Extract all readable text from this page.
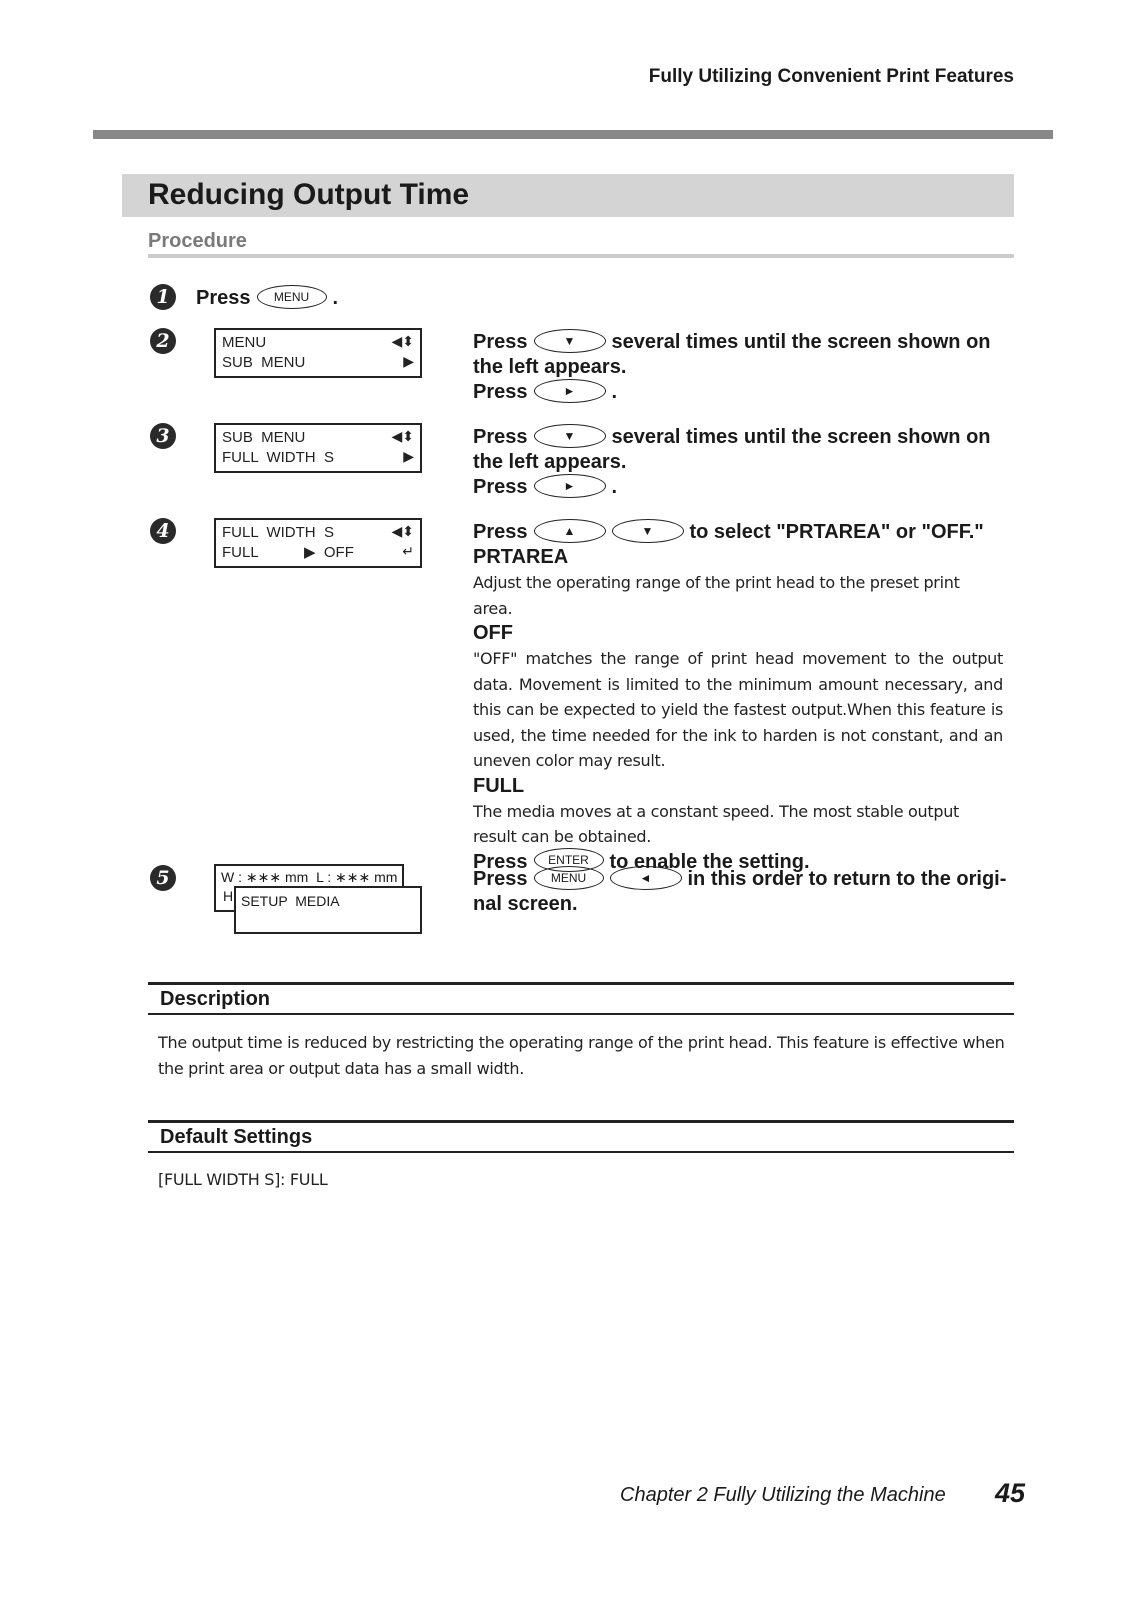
Fully Utilizing Convenient Print Features
Reducing Output Time
Procedure
1	Press MENU .
2	MENU	◀⬍
SUB  MENU	▶
Press	▼ several times until the screen shown on
the left appears.
Press	► .
3	SUB  MENU	◀⬍
FULL  WIDTH  S	▶
Press	▼ several times until the screen shown on
the left appears.
Press	► .
4	FULL  WIDTH  S	◀⬍
FULL	▶  OFF	↵
Press	▲	▼ to select "PRTAREA" or "OFF."
PRTAREA
Adjust the operating range of the print head to the preset print area.
OFF
"OFF" matches the range of print head movement to the output data. Movement is limited to the minimum amount necessary, and this can be expected to yield the fastest output.When this feature is used, the time needed for the ink to harden is not constant, and an uneven color may result.
FULL
The media moves at a constant speed. The most stable output result can be obtained.
Press ENTER to enable the setting.
5	W : ∗∗∗ mm  L : ∗∗∗ mm
H SETUP  MEDIA
Press MENU	◄ in this order to return to the origi-
nal screen.
Description
The output time is reduced by restricting the operating range of the print head. This feature is effective when the print area or output data has a small width.
Default Settings
[FULL WIDTH S]: FULL
Chapter 2 Fully Utilizing the Machine 45
